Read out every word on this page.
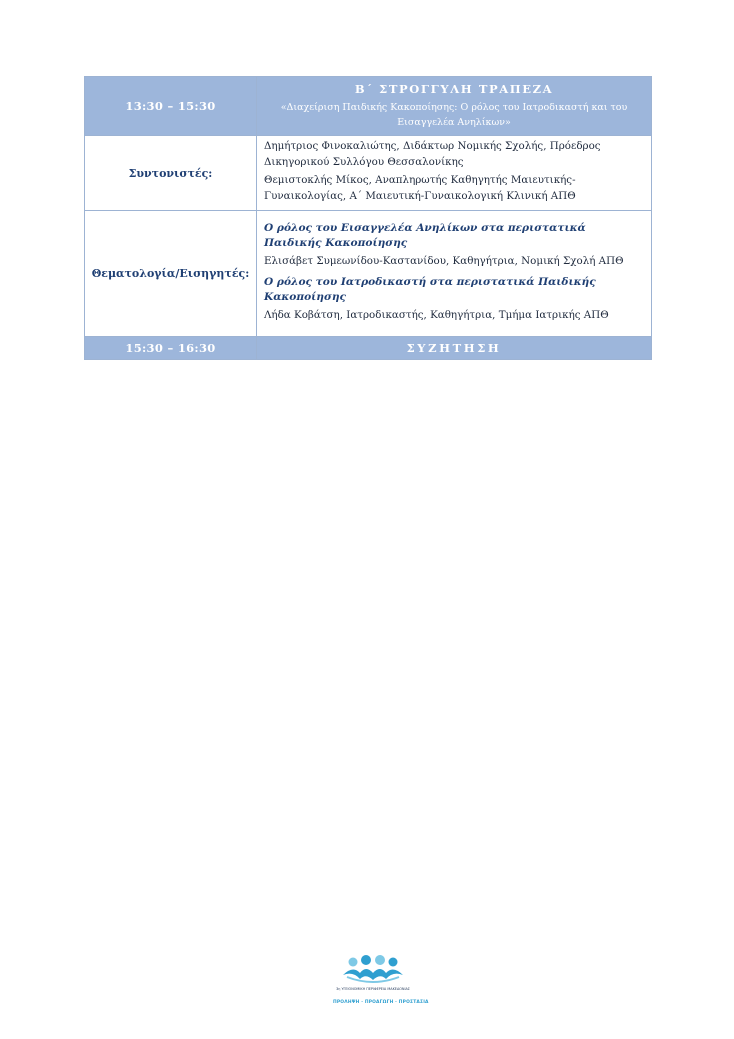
13:30 – 15:30	Β΄ ΣΤΡΟΓΓΥΛΗ ΤΡΑΠΕΖΑ
«Διαχείριση Παιδικής Κακοποίησης: Ο ρόλος του Ιατροδικαστή και του Εισαγγελέα Ανηλίκων»

Συντονιστές:	Δημήτριος Φινοκαλιώτης, Διδάκτωρ Νομικής Σχολής, Πρόεδρος Δικηγορικού Συλλόγου Θεσσαλονίκης

Θεμιστοκλής Μίκος, Αναπληρωτής Καθηγητής Μαιευτικής-Γυναικολογίας, Α΄ Μαιευτική-Γυναικολογική Κλινική ΑΠΘ

Θεματολογία/Εισηγητές:	Ο ρόλος του Εισαγγελέα Ανηλίκων στα περιστατικά Παιδικής Κακοποίησης
Ελισάβετ Συμεωνίδου-Καστανίδου, Καθηγήτρια, Νομική Σχολή ΑΠΘ
Ο ρόλος του Ιατροδικαστή στα περιστατικά Παιδικής Κακοποίησης
Λήδα Κοβάτση, Ιατροδικαστής, Καθηγήτρια, Τμήμα Ιατρικής ΑΠΘ

15:30 – 16:30	ΣΥΖΗΤΗΣΗ
3η ΥΓΕΙΟΝΟΜΙΚΗ ΠΕΡΙΦΕΡΕΙΑ ΜΑΚΕΔΟΝΙΑΣ
ΠΡΟΛΗΨΗ · ΠΡΟΑΓΩΓΗ · ΠΡΟΣΤΑΣΙΑ
